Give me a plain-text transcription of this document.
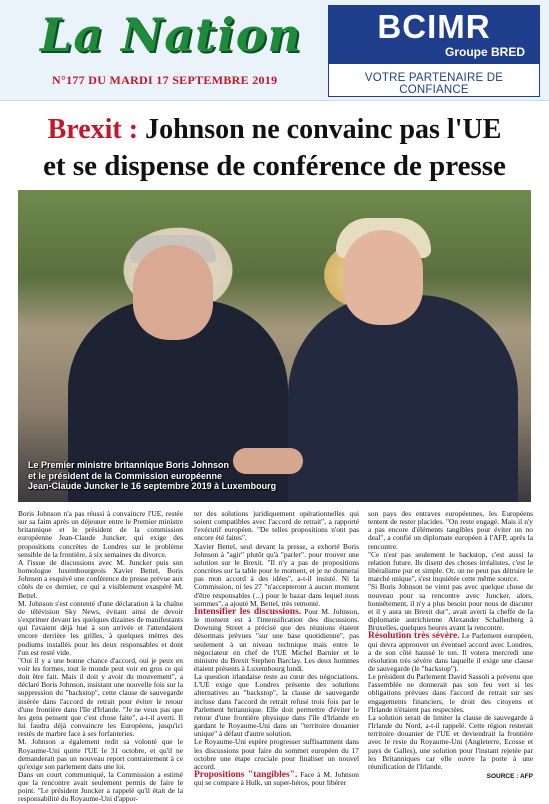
La Nation
N°177 DU MARDI 17 SEPTEMBRE 2019
BCIMR
Groupe BRED
VOTRE PARTENAIRE DE CONFIANCE
Brexit : Johnson ne convainc pas l'UE
et se dispense de conférence de presse
Le Premier ministre britannique Boris Johnson
et le président de la Commission européenne
Jean-Claude Juncker le 16 septembre 2019 à Luxembourg

Boris Johnson n'a pas réussi à convaincre l'UE, restée sur sa faim après un déjeuner entre le Premier ministre britannique et le président de la commission européenne Jean-Claude Juncker, qui exige des propositions concrètes de Londres sur le problème sensible de la frontière, à six semaines du divorce.

A l'issue de discussions avec M. Juncker puis son homologue luxembourgeois Xavier Bettel, Boris Johnson a esquivé une conférence de presse prévue aux côtés de ce dernier, ce qui a visiblement exaspéré M. Bettel.

M. Johnson s'est contenté d'une déclaration à la chaîne de télévision Sky News, évitant ainsi de devoir s'exprimer devant les quelques dizaines de manifestants qui l'avaient déjà hué à son arrivée et l'attendaient encore derrière les grilles, à quelques mètres des podiums installés pour les deux responsables et dont l'un est resté vide.

"Oui il y a une bonne chance d'accord, oui je peux en voir les formes, tout le monde peut voir en gros ce qui doit être fait. Mais il doit y avoir du mouvement", a déclaré Boris Johnson, insistant une nouvelle fois sur la suppression du "backstop", cette clause de sauvegarde insérée dans l'accord de retrait pour éviter le retour d'une frontière dans l'île d'Irlande. "Je ne veux pas que les gens pensent que c'est chose faite", a-t-il averti. Il lui faudra déjà convaincre les Européens, jusqu'ici restés de marbre face à ses forfanteries.

M. Johnson a également redit sa volonté que le Royaume-Uni quitte l'UE le 31 octobre, et qu'il ne demanderait pas un nouveau report contrairement à ce qu'exige son parlement dans une loi.

Dans un court communiqué, la Commission a estimé que la rencontre avait seulement permis de faire le point. "Le président Juncker a rappelé qu'il était de la responsabilité du Royaume-Uni d'appor-

ter des solutions juridiquement opérationnelles qui soient compatibles avec l'accord de retrait", a rapporté l'exécutif européen. "De telles propositions n'ont pas encore été faites".

Xavier Bettel, seul devant la presse, a exhorté Boris Johnson à "agir" plutôt qu'à "parler". pour trouver une solution sur le Brexit. "Il n'y a pas de propositions concrètes sur la table pour le moment, et je ne donnerai pas mon accord à des idées", a-t-il insisté. Ni la Commission, ni les 27 "n'accepteront à aucun moment d'être responsables (...) pour le bazar dans lequel nous sommes", a ajouté M. Bettel, très remonté.

Intensifier les discussions. Pour M. Johnson, le moment est à l'intensification des discussions. Downing Street a précisé que des réunions étaient désormais prévues "sur une base quotidienne", pas seulement à un niveau technique mais entre le négociateur en chef de l'UE Michel Barnier et le ministre du Brexit Stephen Barclay. Les deux hommes étaient présents à Luxembourg lundi.

La question irlandaise reste au cœur des négociations. L'UE exige que Londres présente des solutions alternatives au "backstop", la clause de sauvegarde incluse dans l'accord de retrait refusé trois fois par le Parlement britannique. Elle doit permettre d'éviter le retour d'une frontière physique dans l'île d'Irlande en gardant le Royaume-Uni dans un "territoire douanier unique" à défaut d'autre solution.

Le Royaume-Uni espère progresser suffisamment dans les discussions pour faire du sommet européen du 17 octobre une étape cruciale pour finaliser un nouvel accord.

Propositions "tangibles". Face à M. Johnson qui se compare à Hulk, un super-héros, pour libérer

son pays des entraves européennes, les Européens tentent de rester placides. "On reste engagé. Mais il n'y a pas encore d'éléments tangibles pour éviter un no deal", a confié un diplomate européen à l'AFP, après la rencontre.

"Ce n'est pas seulement le backstop, c'est aussi la relation future. Ils disent des choses irréalistes, c'est le libéralisme pur et simple. Or, on ne peut pas détruire le marché unique", s'est inquiétée cette même source.

"Si Boris Johnson ne vient pas avec quelque chose de nouveau pour sa rencontre avec Juncker, alors, honnêtement, il n'y a plus besoin pour nous de discuter et il y aura un Brexit dur", avait averti la cheffe de la diplomatie autrichienne Alexander Schallenberg à Bruxelles, quelques heures avant la rencontre.

Résolution très sévère. Le Parlement européen, qui devra approuver un éventuel accord avec Londres, a de son côté haussé le ton. Il votera mercredi une résolution très sévère dans laquelle il exige une clause de sauvegarde (le "backstop").

Le président du Parlement David Sassoli a prévenu que l'assemblée ne donnerait pas son feu vert si les obligations prévues dans l'accord de retrait sur ses engagements financiers, le droit des citoyens et l'Irlande n'étaient pas respectées.

La solution serait de limiter la clause de sauvegarde à l'Irlande du Nord, a-t-il rappelé. Cette région resterait territoire douanier de l'UE et deviendrait la frontière avec le reste du Royaume-Uni (Angleterre, Ecosse et pays de Galles), une solution pour l'instant rejetée par les Britanniques car elle ouvre la porte à une réunification de l'Irlande.

SOURCE : AFP
